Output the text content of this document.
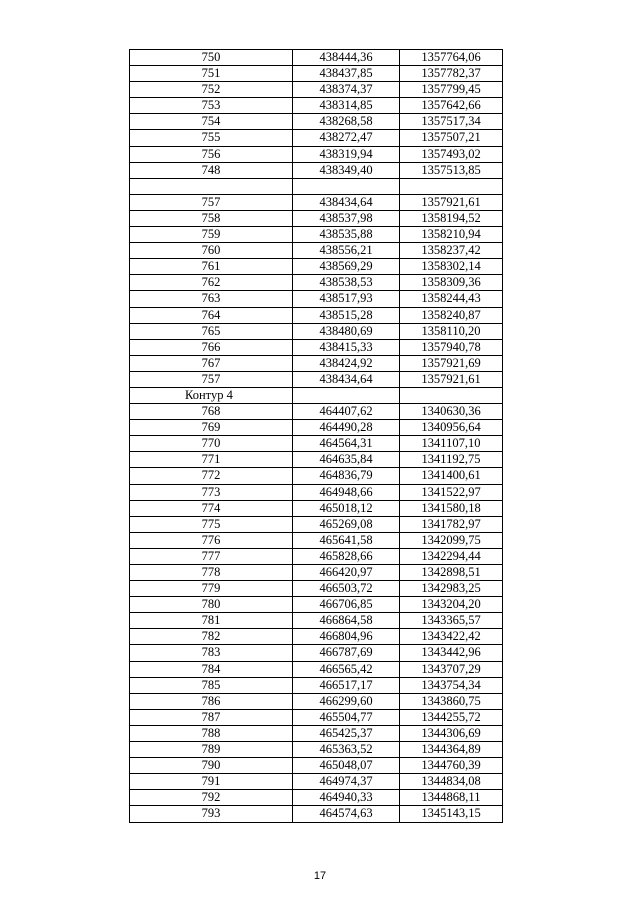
750	438444,36	1357764,06
751	438437,85	1357782,37
752	438374,37	1357799,45
753	438314,85	1357642,66
754	438268,58	1357517,34
755	438272,47	1357507,21
756	438319,94	1357493,02
748	438349,40	1357513,85

757	438434,64	1357921,61
758	438537,98	1358194,52
759	438535,88	1358210,94
760	438556,21	1358237,42
761	438569,29	1358302,14
762	438538,53	1358309,36
763	438517,93	1358244,43
764	438515,28	1358240,87
765	438480,69	1358110,20
766	438415,33	1357940,78
767	438424,92	1357921,69
757	438434,64	1357921,61
Контур 4		
768	464407,62	1340630,36
769	464490,28	1340956,64
770	464564,31	1341107,10
771	464635,84	1341192,75
772	464836,79	1341400,61
773	464948,66	1341522,97
774	465018,12	1341580,18
775	465269,08	1341782,97
776	465641,58	1342099,75
777	465828,66	1342294,44
778	466420,97	1342898,51
779	466503,72	1342983,25
780	466706,85	1343204,20
781	466864,58	1343365,57
782	466804,96	1343422,42
783	466787,69	1343442,96
784	466565,42	1343707,29
785	466517,17	1343754,34
786	466299,60	1343860,75
787	465504,77	1344255,72
788	465425,37	1344306,69
789	465363,52	1344364,89
790	465048,07	1344760,39
791	464974,37	1344834,08
792	464940,33	1344868,11
793	464574,63	1345143,15
17
